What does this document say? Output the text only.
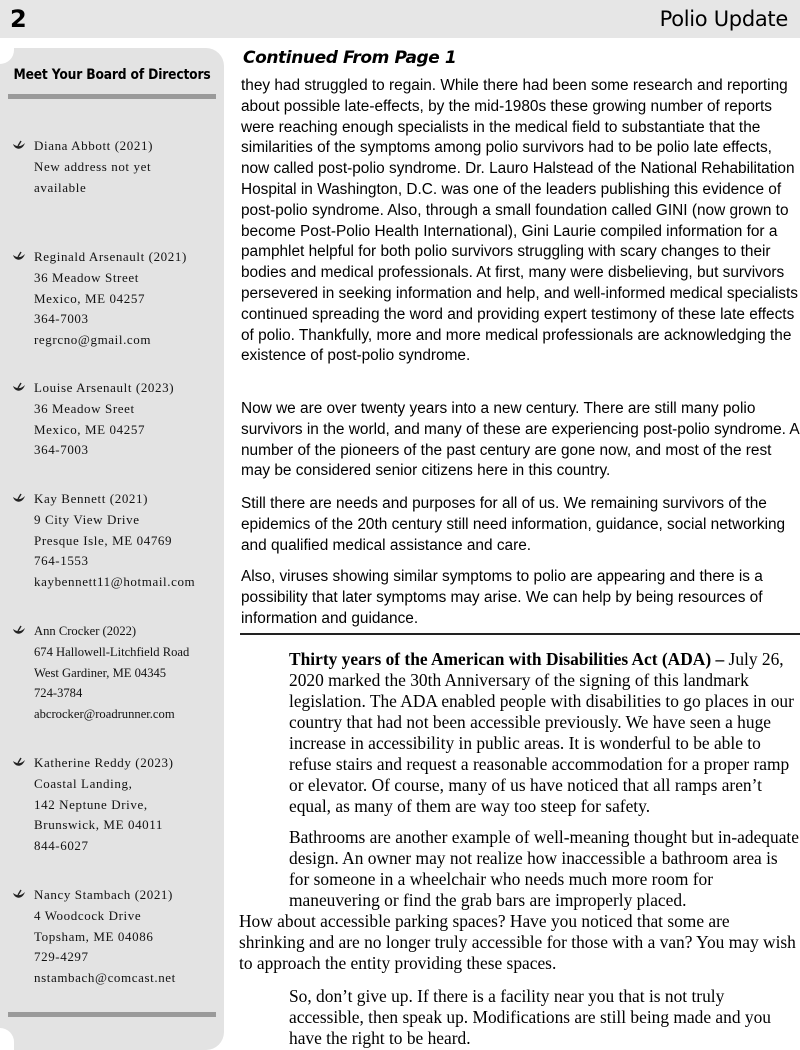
2	Polio Update
Meet Your Board of Directors
Diana Abbott (2021)
New address not yet
available
Reginald Arsenault (2021)
36 Meadow Street
Mexico, ME 04257
364-7003
regrcno@gmail.com
Louise Arsenault (2023)
36 Meadow Sreet
Mexico, ME 04257
364-7003
Kay Bennett (2021)
9 City View Drive
Presque Isle, ME 04769
764-1553
kaybennett11@hotmail.com
Ann Crocker (2022)
674 Hallowell-Litchfield Road
West Gardiner, ME 04345
724-3784
abcrocker@roadrunner.com
Katherine Reddy (2023)
Coastal Landing,
142 Neptune Drive,
Brunswick, ME 04011
844-6027
Nancy Stambach (2021)
4 Woodcock Drive
Topsham, ME 04086
729-4297
nstambach@comcast.net
Continued From Page 1

they had struggled to regain. While there had been some research and reporting about possible late-effects, by the mid-1980s these growing number of reports were reaching enough specialists in the medical field to substantiate that the similarities of the symptoms among polio survivors had to be polio late effects, now called post-polio syndrome. Dr. Lauro Halstead of the National Rehabilitation Hospital in Washington, D.C. was one of the leaders publishing this evidence of post-polio syndrome. Also, through a small foundation called GINI (now grown to become Post-Polio Health International), Gini Laurie compiled information for a pamphlet helpful for both polio survivors struggling with scary changes to their bodies and medical professionals. At first, many were disbelieving, but survivors persevered in seeking information and help, and well-informed medical specialists continued spreading the word and providing expert testimony of these late effects of polio. Thankfully, more and more medical professionals are acknowledging the existence of post-polio syndrome.

Now we are over twenty years into a new century. There are still many polio survivors in the world, and many of these are experiencing post-polio syndrome. A number of the pioneers of the past century are gone now, and most of the rest may be considered senior citizens here in this country.

Still there are needs and purposes for all of us. We remaining survivors of the epidemics of the 20th century still need information, guidance, social networking and qualified medical assistance and care.

Also, viruses showing similar symptoms to polio are appearing and there is a possibility that later symptoms may arise. We can help by being resources of information and guidance.

Thirty years of the American with Disabilities Act (ADA) – July 26, 2020 marked the 30th Anniversary of the signing of this landmark legislation. The ADA enabled people with disabilities to go places in our country that had not been accessible previously. We have seen a huge increase in accessibility in public areas. It is wonderful to be able to refuse stairs and request a reasonable accommodation for a proper ramp or elevator. Of course, many of us have noticed that all ramps aren’t equal, as many of them are way too steep for safety.

Bathrooms are another example of well-meaning thought but in-adequate design. An owner may not realize how inaccessible a bathroom area is for someone in a wheelchair who needs much more room for maneuvering or find the grab bars are improperly placed.

How about accessible parking spaces? Have you noticed that some are shrinking and are no longer truly accessible for those with a van? You may wish to approach the entity providing these spaces.

So, don’t give up. If there is a facility near you that is not truly accessible, then speak up. Modifications are still being made and you have the right to be heard.
